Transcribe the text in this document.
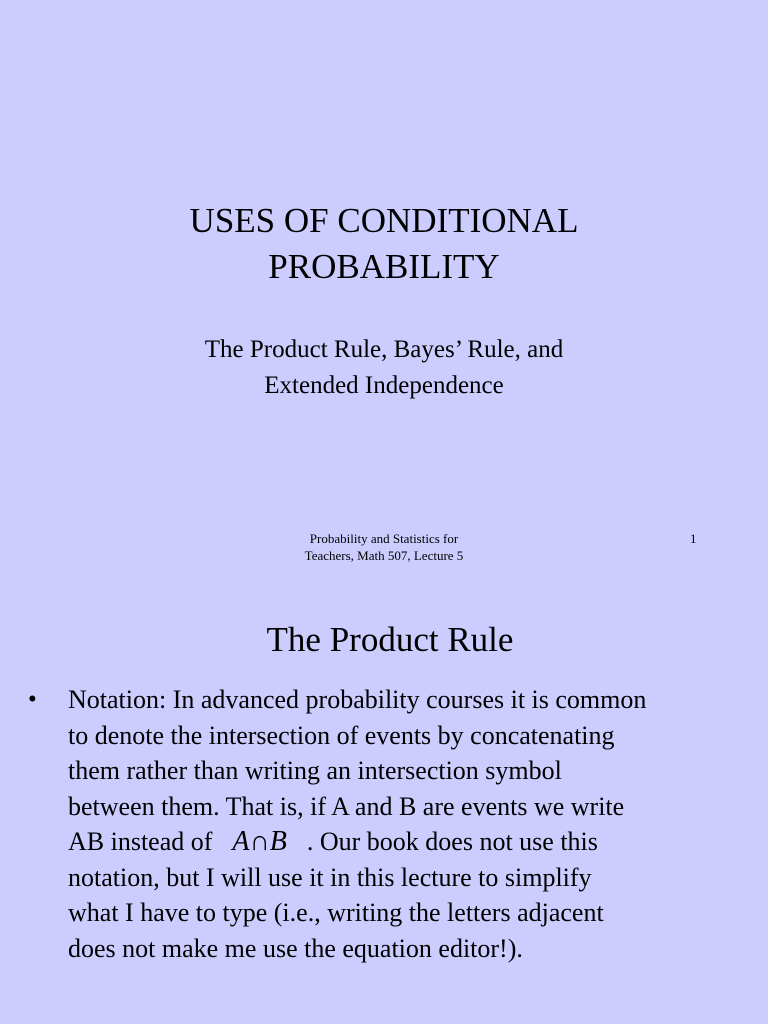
USES OF CONDITIONAL
PROBABILITY
The Product Rule, Bayes’ Rule, and
Extended Independence
Probability and Statistics for
Teachers, Math 507, Lecture 5
1
The Product Rule
• Notation: In advanced probability courses it is common
to denote the intersection of events by concatenating
them rather than writing an intersection symbol
between them. That is, if A and B are events we write
AB instead of A∩B . Our book does not use this
notation, but I will use it in this lecture to simplify
what I have to type (i.e., writing the letters adjacent
does not make me use the equation editor!).
